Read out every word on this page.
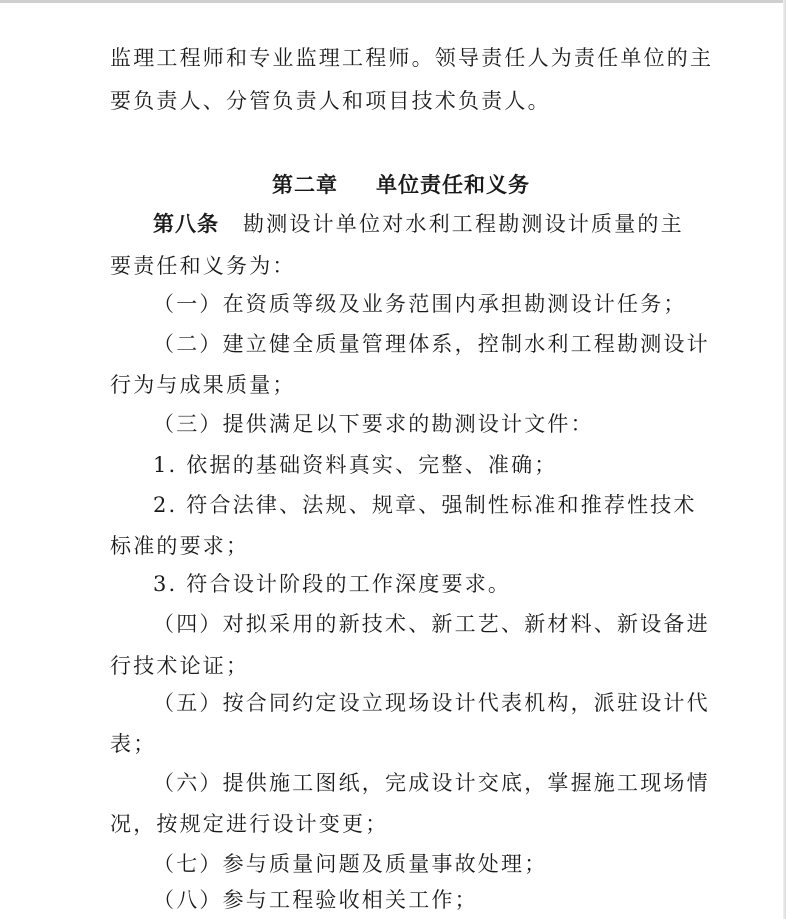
监理工程师和专业监理工程师。领导责任人为责任单位的主
要负责人、分管负责人和项目技术负责人。
第二章 单位责任和义务
第八条 勘测设计单位对水利工程勘测设计质量的主
要责任和义务为：
（一）在资质等级及业务范围内承担勘测设计任务；
（二）建立健全质量管理体系，控制水利工程勘测设计
行为与成果质量；
（三）提供满足以下要求的勘测设计文件：
1. 依据的基础资料真实、完整、准确；
2. 符合法律、法规、规章、强制性标准和推荐性技术
标准的要求；
3. 符合设计阶段的工作深度要求。
（四）对拟采用的新技术、新工艺、新材料、新设备进
行技术论证；
（五）按合同约定设立现场设计代表机构，派驻设计代
表；
（六）提供施工图纸，完成设计交底，掌握施工现场情
况，按规定进行设计变更；
（七）参与质量问题及质量事故处理；
（八）参与工程验收相关工作；
